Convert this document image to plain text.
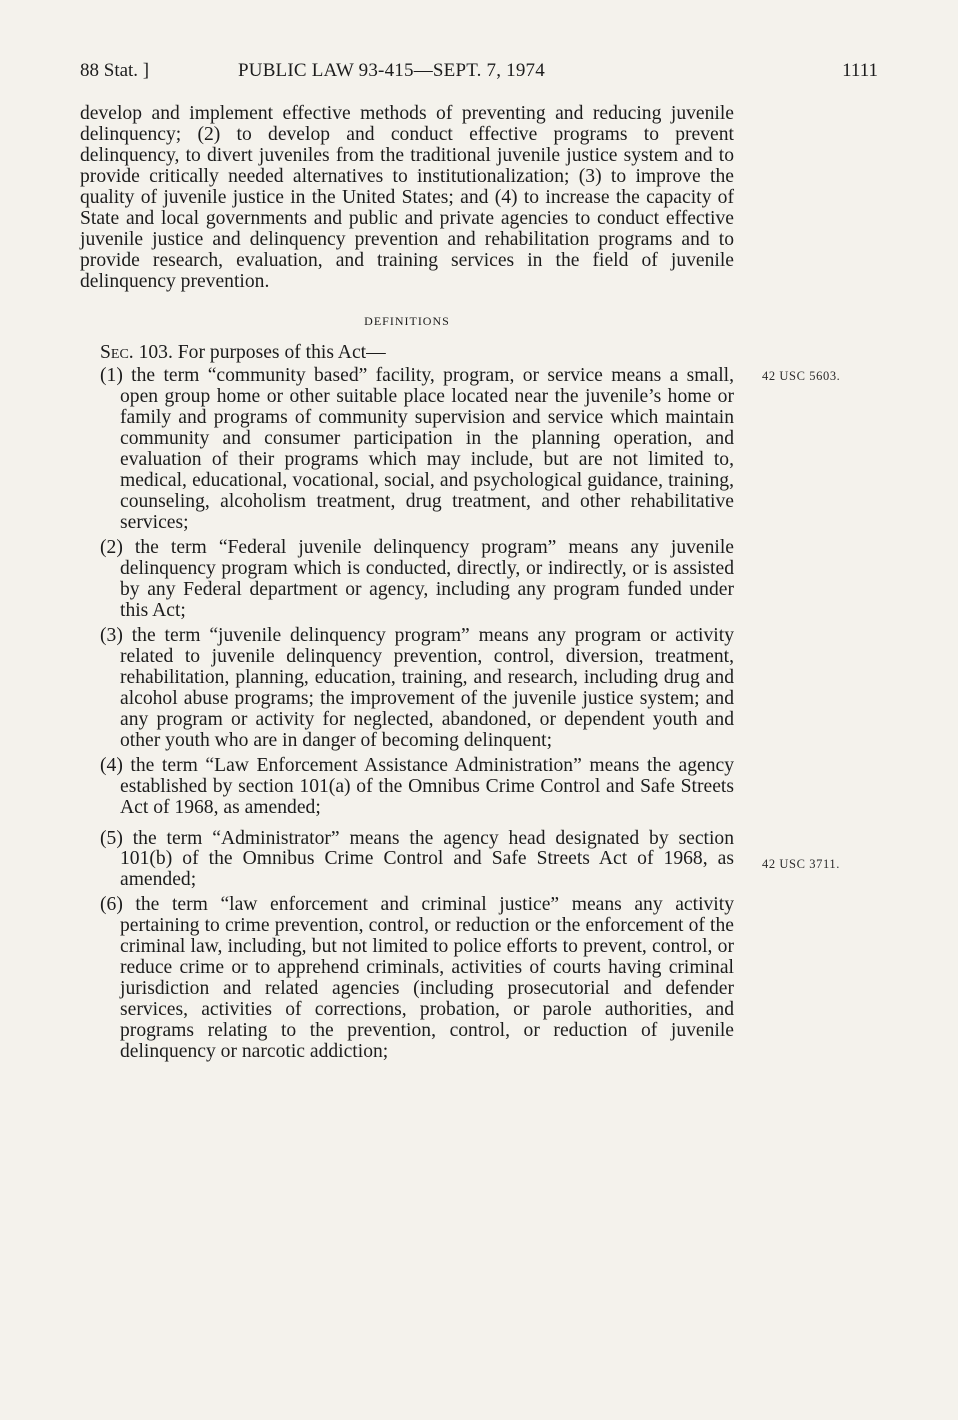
88 Stat. ]	PUBLIC LAW 93-415—SEPT. 7, 1974	1111

develop and implement effective methods of preventing and reducing juvenile delinquency; (2) to develop and conduct effective programs to prevent delinquency, to divert juveniles from the traditional juvenile justice system and to provide critically needed alternatives to institutionalization; (3) to improve the quality of juvenile justice in the United States; and (4) to increase the capacity of State and local governments and public and private agencies to conduct effective juvenile justice and delinquency prevention and rehabilitation programs and to provide research, evaluation, and training services in the field of juvenile delinquency prevention.

DEFINITIONS

Sec. 103. For purposes of this Act—

(1) the term “community based” facility, program, or service means a small, open group home or other suitable place located near the juvenile’s home or family and programs of community supervision and service which maintain community and consumer participation in the planning operation, and evaluation of their programs which may include, but are not limited to, medical, educational, vocational, social, and psychological guidance, training, counseling, alcoholism treatment, drug treatment, and other rehabilitative services;

(2) the term “Federal juvenile delinquency program” means any juvenile delinquency program which is conducted, directly, or indirectly, or is assisted by any Federal department or agency, including any program funded under this Act;

(3) the term “juvenile delinquency program” means any program or activity related to juvenile delinquency prevention, control, diversion, treatment, rehabilitation, planning, education, training, and research, including drug and alcohol abuse programs; the improvement of the juvenile justice system; and any program or activity for neglected, abandoned, or dependent youth and other youth who are in danger of becoming delinquent;

(4) the term “Law Enforcement Assistance Administration” means the agency established by section 101(a) of the Omnibus Crime Control and Safe Streets Act of 1968, as amended;

(5) the term “Administrator” means the agency head designated by section 101(b) of the Omnibus Crime Control and Safe Streets Act of 1968, as amended;

(6) the term “law enforcement and criminal justice” means any activity pertaining to crime prevention, control, or reduction or the enforcement of the criminal law, including, but not limited to police efforts to prevent, control, or reduce crime or to apprehend criminals, activities of courts having criminal jurisdiction and related agencies (including prosecutorial and defender services, activities of corrections, probation, or parole authorities, and programs relating to the prevention, control, or reduction of juvenile delinquency or narcotic addiction;

42 USC 5603.
42 USC 3711.
